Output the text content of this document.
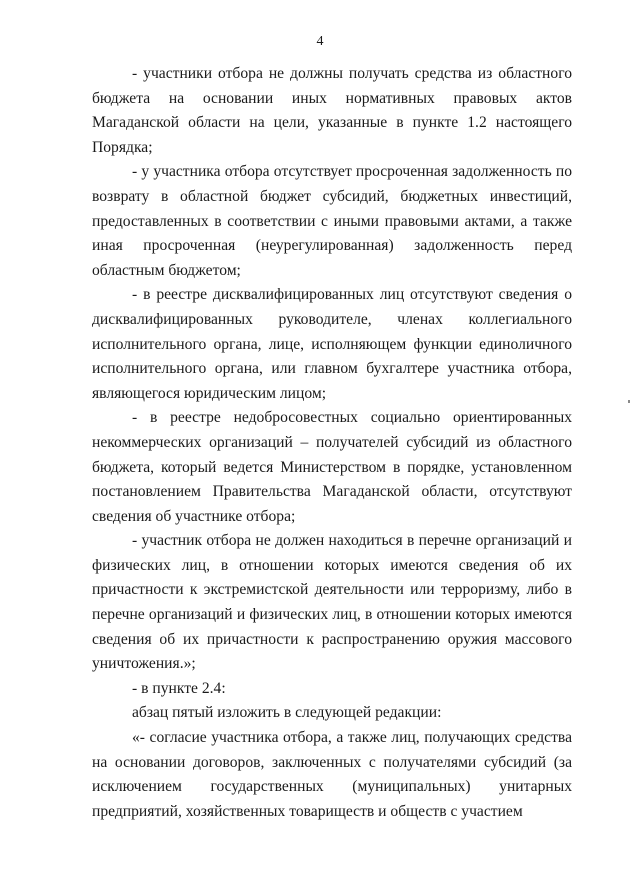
4

- участники отбора не должны получать средства из областного бюджета на основании иных нормативных правовых актов Магаданской области на цели, указанные в пункте 1.2 настоящего Порядка;

- у участника отбора отсутствует просроченная задолженность по возврату в областной бюджет субсидий, бюджетных инвестиций, предоставленных в соответствии с иными правовыми актами, а также иная просроченная (неурегулированная) задолженность перед областным бюджетом;

- в реестре дисквалифицированных лиц отсутствуют сведения о дисквалифицированных руководителе, членах коллегиального исполнительного органа, лице, исполняющем функции единоличного исполнительного органа, или главном бухгалтере участника отбора, являющегося юридическим лицом;

- в реестре недобросовестных социально ориентированных некоммерческих организаций – получателей субсидий из областного бюджета, который ведется Министерством в порядке, установленном постановлением Правительства Магаданской области, отсутствуют сведения об участнике отбора;

- участник отбора не должен находиться в перечне организаций и физических лиц, в отношении которых имеются сведения об их причастности к экстремистской деятельности или терроризму, либо в перечне организаций и физических лиц, в отношении которых имеются сведения об их причастности к распространению оружия массового уничтожения.»;

- в пункте 2.4:

абзац пятый изложить в следующей редакции:

«- согласие участника отбора, а также лиц, получающих средства на основании договоров, заключенных с получателями субсидий (за исключением государственных (муниципальных) унитарных предприятий, хозяйственных товариществ и обществ с участием
